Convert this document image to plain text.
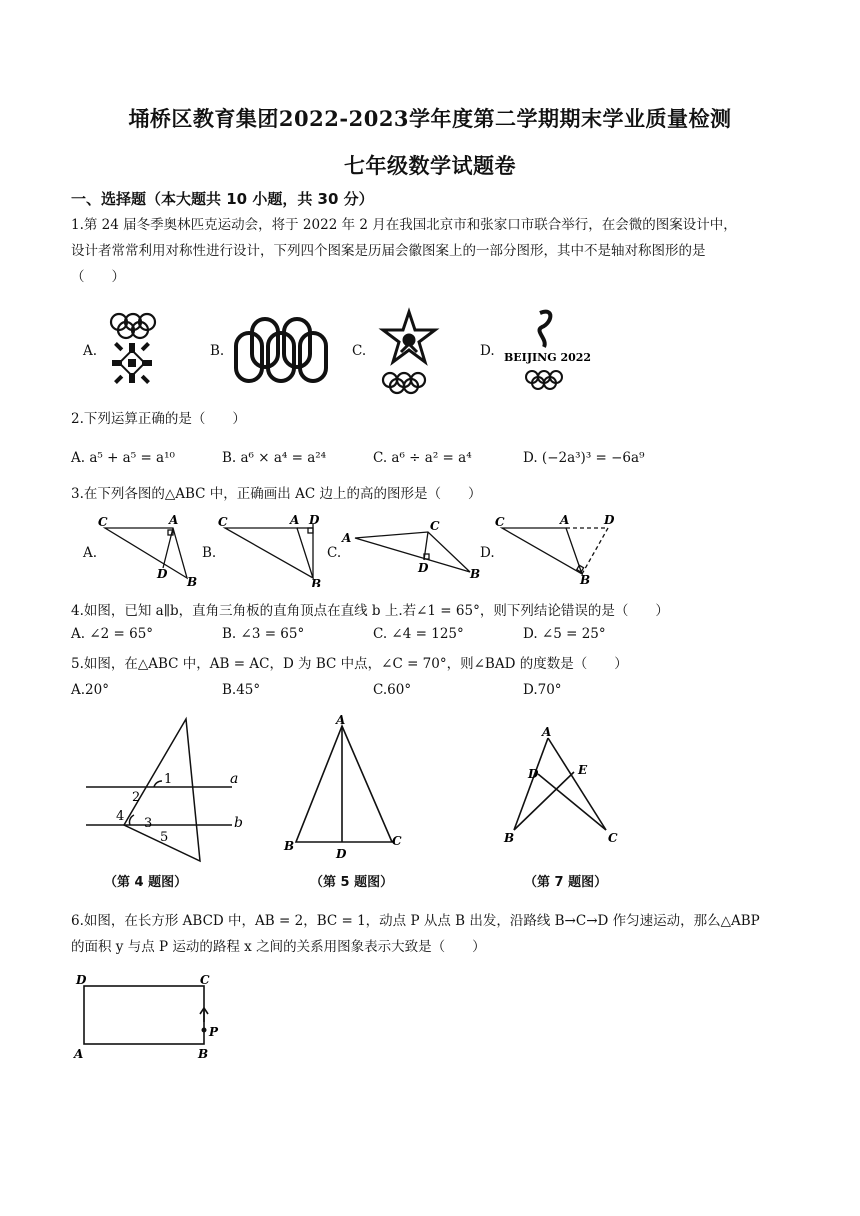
埇桥区教育集团2022-2023学年度第二学期期末学业质量检测
七年级数学试题卷
一、选择题（本大题共 10 小题，共 30 分）
1.第 24 届冬季奥林匹克运动会，将于 2022 年 2 月在我国北京市和张家口市联合举行，在会微的图案设计中，
设计者常常利用对称性进行设计，下列四个图案是历届会徽图案上的一部分图形，其中不是轴对称图形的是
（　　）
A.	B.	C.	D. BEIJING 2022
2.下列运算正确的是（　　）
A. a⁵ + a⁵ = a¹⁰	B. a⁶ × a⁴ = a²⁴	C. a⁶ ÷ a² = a⁴	D. (−2a³)³ = −6a⁹
3.在下列各图的△ABC 中，正确画出 AC 边上的高的图形是（　　）
A.	B.	C.	D.
C	A
D
B
C	A D
B
A
C
D	B
C	A	D
B
4.如图，已知 a∥b，直角三角板的直角顶点在直线 b 上.若∠1 = 65°，则下列结论错误的是（　　）
A. ∠2 = 65°	B. ∠3 = 65°	C. ∠4 = 125°	D. ∠5 = 25°
5.如图，在△ABC 中，AB = AC，D 为 BC 中点，∠C = 70°，则∠BAD 的度数是（　　）
A.20°	B.45°	C.60°	D.70°
1
2
3
4
5
a
b
A
B	C
D
A
D	E
B	C
（第 4 题图）	（第 5 题图）	（第 7 题图）
6.如图，在长方形 ABCD 中，AB = 2，BC = 1，动点 P 从点 B 出发，沿路线 B→C→D 作匀速运动，那么△ABP
的面积 y 与点 P 运动的路程 x 之间的关系用图象表示大致是（　　）
D	C
A	B
P
